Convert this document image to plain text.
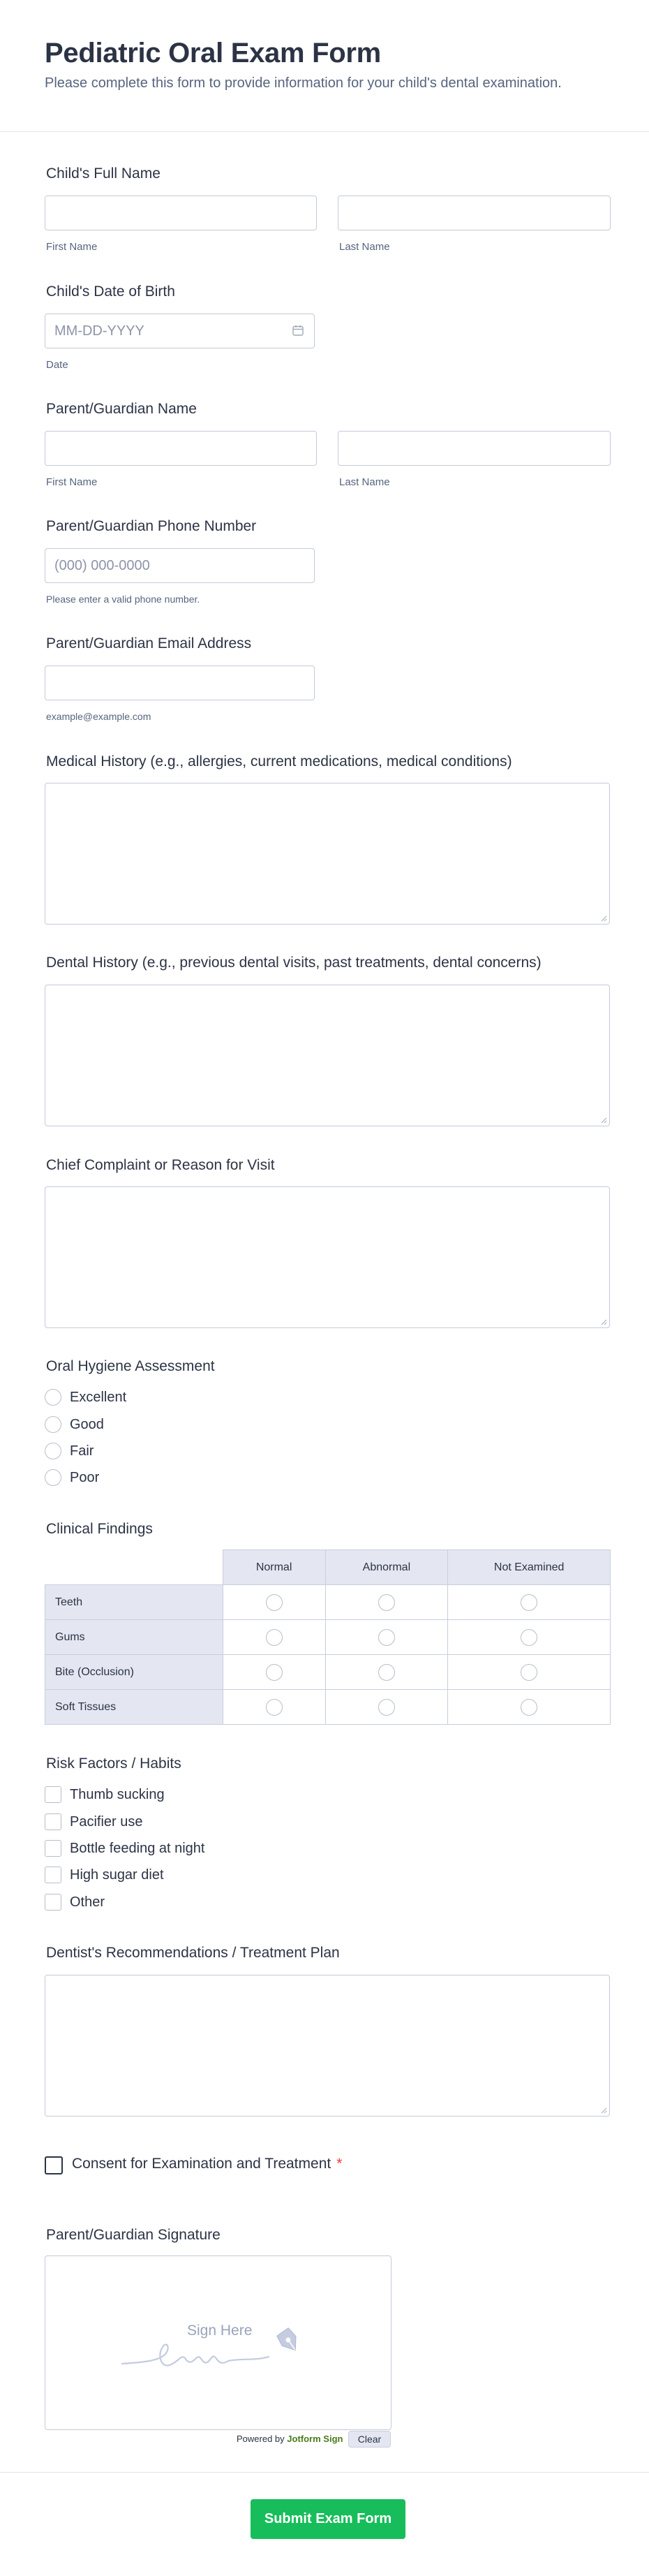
Pediatric Oral Exam Form
Please complete this form to provide information for your child's dental examination.
Child's Full Name
First Name	Last Name
Child's Date of Birth
MM-DD-YYYY
Date
Parent/Guardian Name
First Name	Last Name
Parent/Guardian Phone Number
(000) 000-0000
Please enter a valid phone number.
Parent/Guardian Email Address
example@example.com
Medical History (e.g., allergies, current medications, medical conditions)
Dental History (e.g., previous dental visits, past treatments, dental concerns)
Chief Complaint or Reason for Visit
Oral Hygiene Assessment
Excellent
Good
Fair
Poor
Clinical Findings
	Normal	Abnormal	Not Examined
Teeth			
Gums			
Bite (Occlusion)			
Soft Tissues			
Risk Factors / Habits
Thumb sucking
Pacifier use
Bottle feeding at night
High sugar diet
Other
Dentist's Recommendations / Treatment Plan
Consent for Examination and Treatment *
Parent/Guardian Signature
Sign Here
Powered by Jotform Sign	Clear
Submit Exam Form
